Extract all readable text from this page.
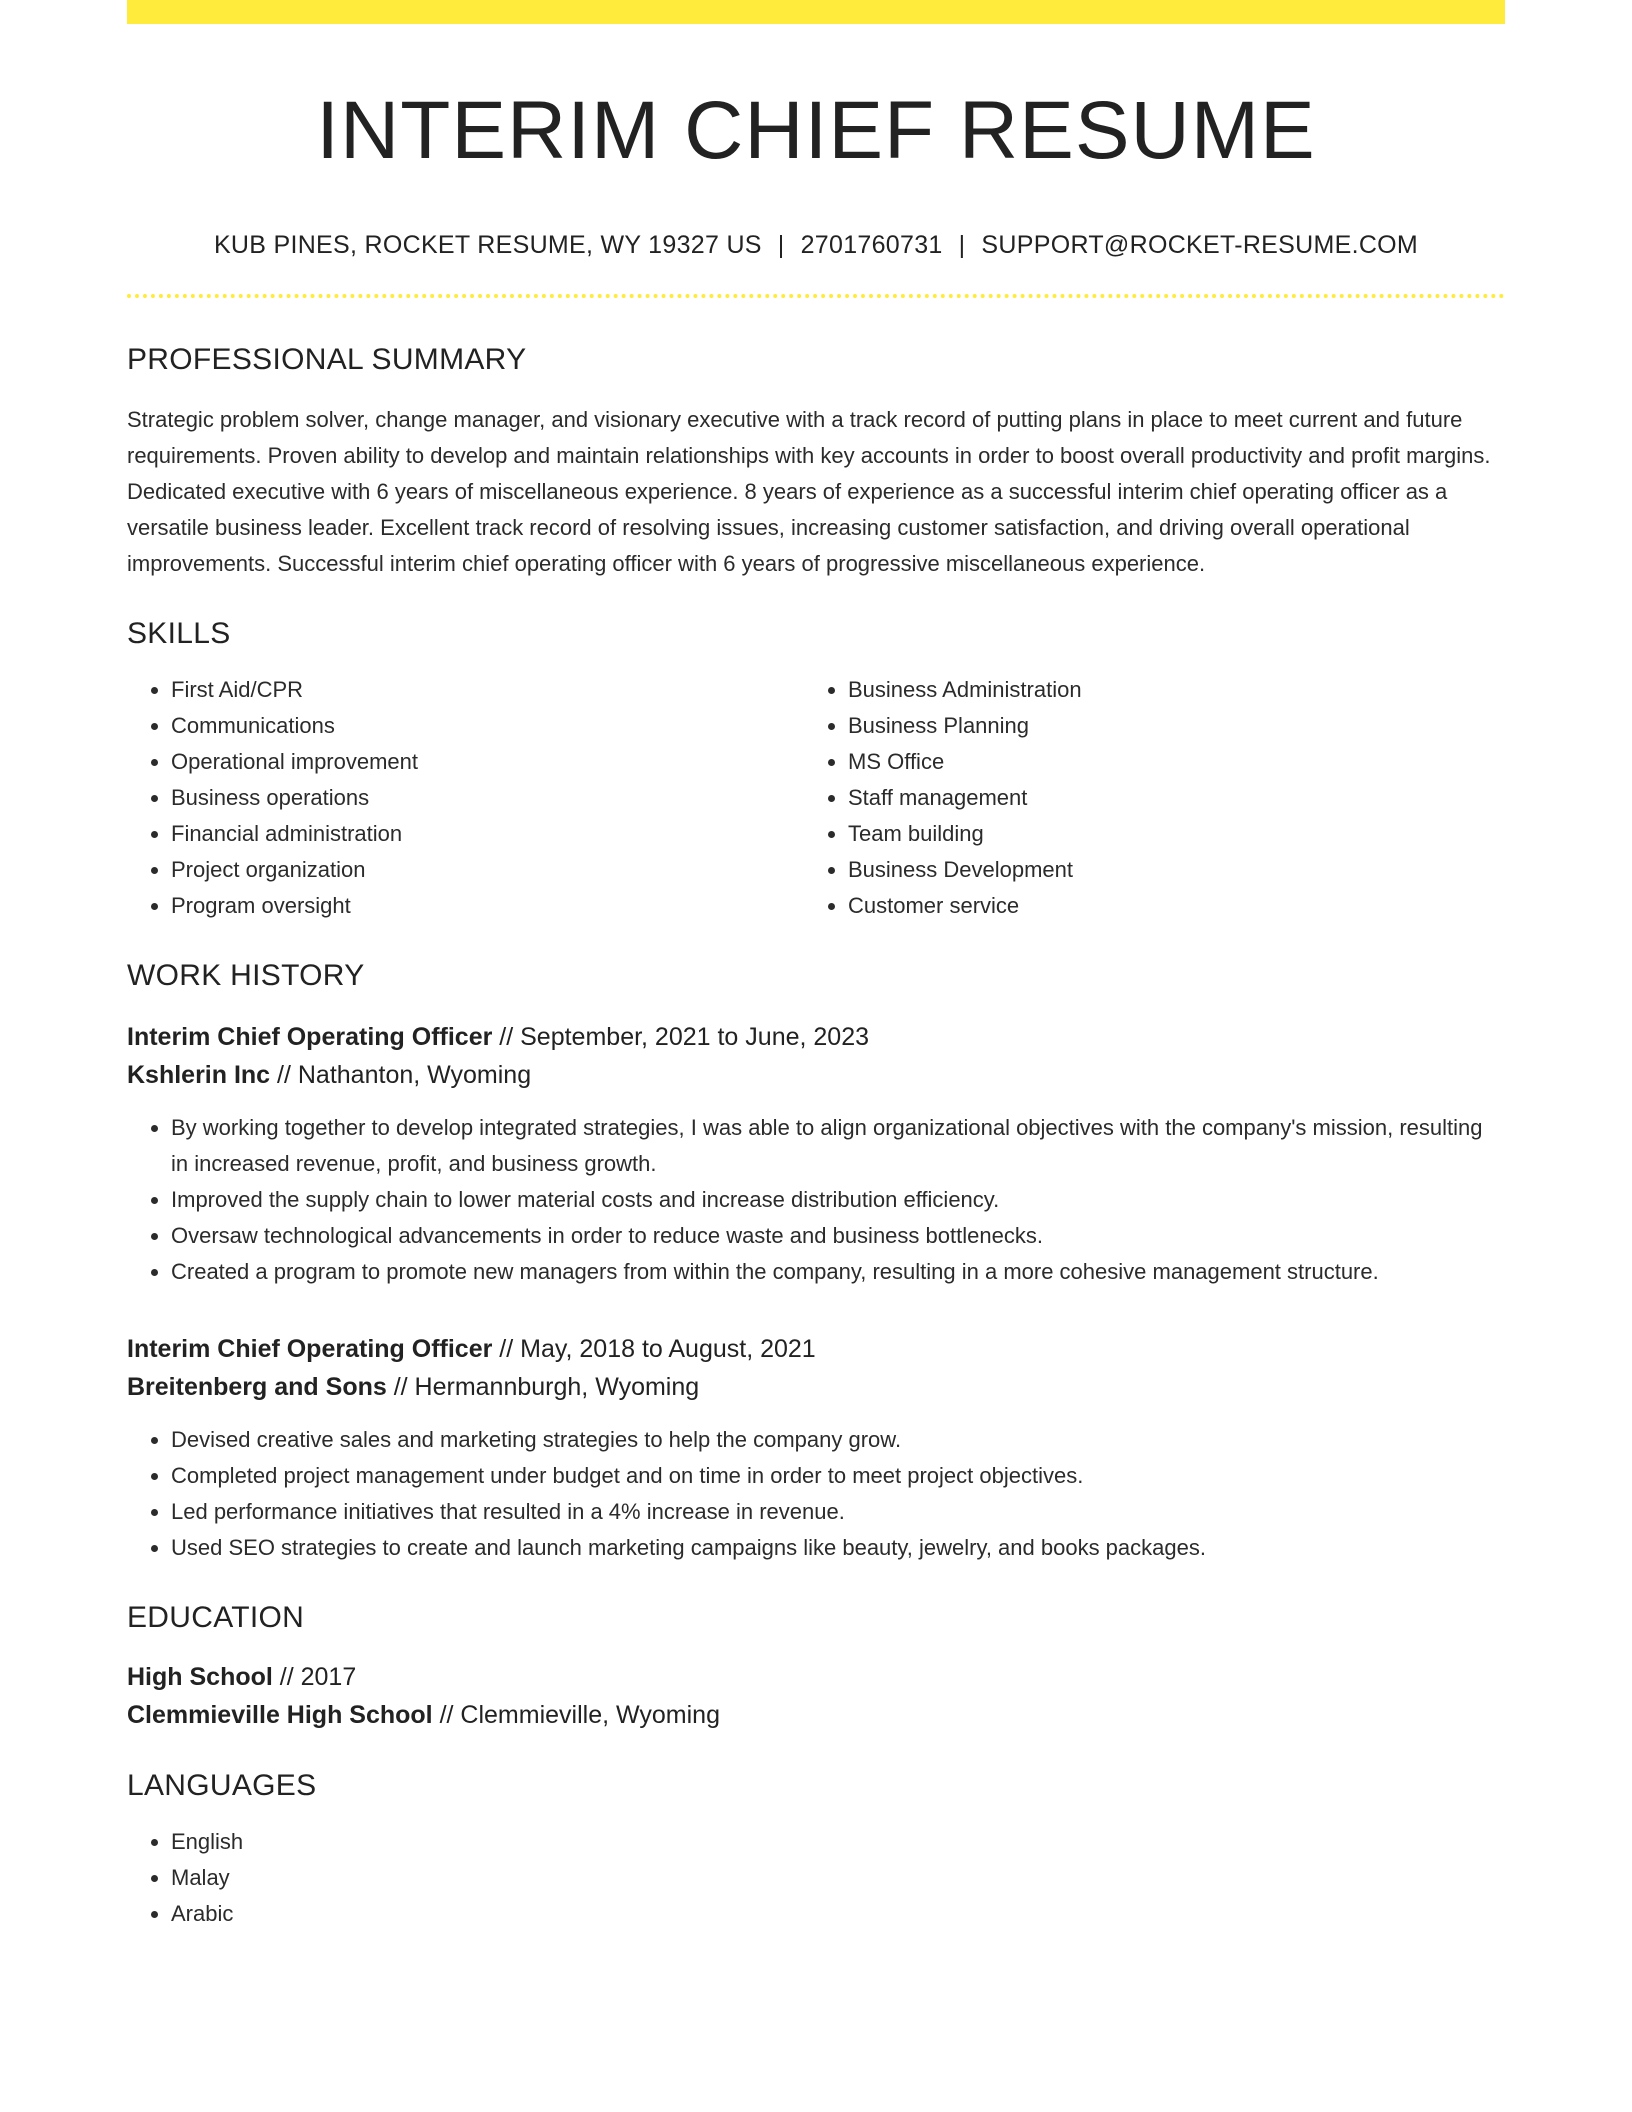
INTERIM CHIEF RESUME
KUB PINES, ROCKET RESUME, WY 19327 US | 2701760731 | SUPPORT@ROCKET-RESUME.COM
PROFESSIONAL SUMMARY
Strategic problem solver, change manager, and visionary executive with a track record of putting plans in place to meet current and future requirements. Proven ability to develop and maintain relationships with key accounts in order to boost overall productivity and profit margins. Dedicated executive with 6 years of miscellaneous experience. 8 years of experience as a successful interim chief operating officer as a versatile business leader. Excellent track record of resolving issues, increasing customer satisfaction, and driving overall operational improvements. Successful interim chief operating officer with 6 years of progressive miscellaneous experience.
SKILLS
• First Aid/CPR
• Communications
• Operational improvement
• Business operations
• Financial administration
• Project organization
• Program oversight
• Business Administration
• Business Planning
• MS Office
• Staff management
• Team building
• Business Development
• Customer service
WORK HISTORY
Interim Chief Operating Officer // September, 2021 to June, 2023
Kshlerin Inc // Nathanton, Wyoming
• By working together to develop integrated strategies, I was able to align organizational objectives with the company's mission, resulting in increased revenue, profit, and business growth.
• Improved the supply chain to lower material costs and increase distribution efficiency.
• Oversaw technological advancements in order to reduce waste and business bottlenecks.
• Created a program to promote new managers from within the company, resulting in a more cohesive management structure.
Interim Chief Operating Officer // May, 2018 to August, 2021
Breitenberg and Sons // Hermannburgh, Wyoming
• Devised creative sales and marketing strategies to help the company grow.
• Completed project management under budget and on time in order to meet project objectives.
• Led performance initiatives that resulted in a 4% increase in revenue.
• Used SEO strategies to create and launch marketing campaigns like beauty, jewelry, and books packages.
EDUCATION
High School // 2017
Clemmieville High School // Clemmieville, Wyoming
LANGUAGES
• English
• Malay
• Arabic
